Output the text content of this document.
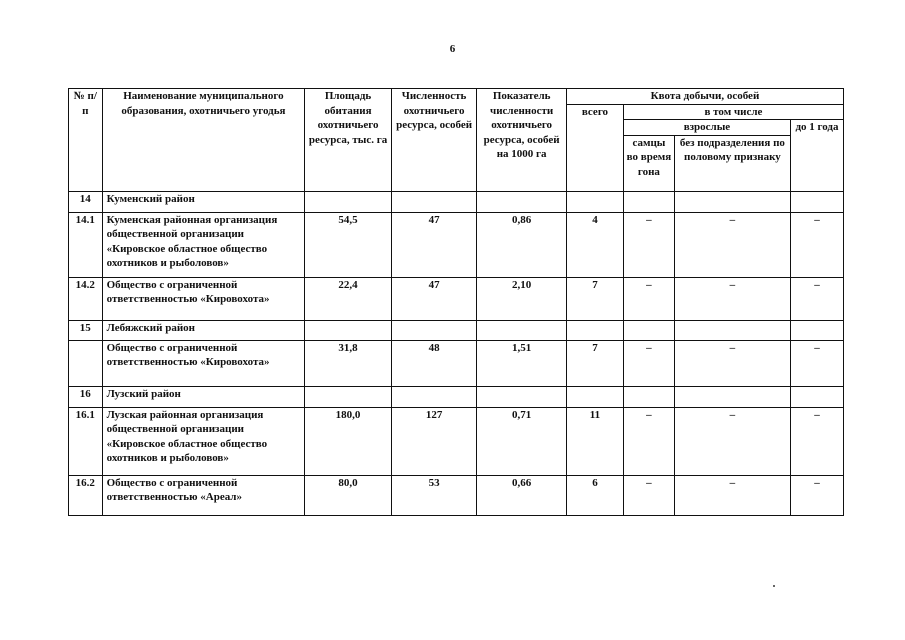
6
№ п/п	Наименование муниципального образования, охотничьего угодья	Площадь обитания охотничьего ресурса, тыс. га	Численность охотничьего ресурса, особей	Показатель численности охотничьего ресурса, особей на 1000 га	Квота добычи, особей			
					всего	в том числе		
						взрослые		до 1 года
						самцы во время гона	без подразделения по половому признаку	
14	Куменский район							
14.1	Куменская районная организация общественной организации «Кировское областное общество охотников и рыболовов»	54,5	47	0,86	4	–	–	–
14.2	Общество с ограниченной ответственностью «Кировохота»	22,4	47	2,10	7	–	–	–
15	Лебяжский район							
	Общество с ограниченной ответственностью «Кировохота»	31,8	48	1,51	7	–	–	–
16	Лузский район							
16.1	Лузская районная организация общественной организации «Кировское областное общество охотников и рыболовов»	180,0	127	0,71	11	–	–	–
16.2	Общество с ограниченной ответственностью «Ареал»	80,0	53	0,66	6	–	–	–
